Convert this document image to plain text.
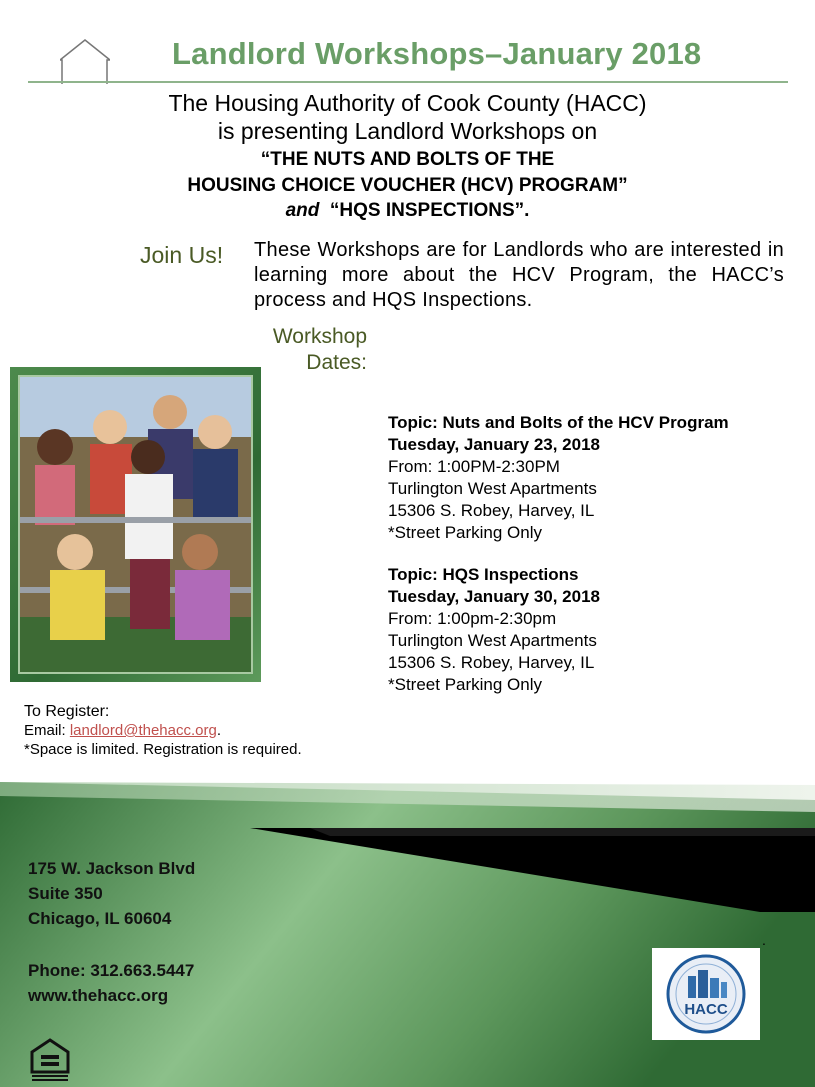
Landlord Workshops–January 2018
The Housing Authority of Cook County (HACC)
is presenting Landlord Workshops on
“THE NUTS AND BOLTS OF THE
HOUSING CHOICE VOUCHER (HCV) PROGRAM”
and “HQS INSPECTIONS”.
Join Us! These Workshops are for Landlords who are interested in learning more about the HCV Program, the HACC’s process and HQS Inspections.
Workshop
Dates:
Topic: Nuts and Bolts of the HCV Program
Tuesday, January 23, 2018
From: 1:00PM-2:30PM
Turlington West Apartments
15306 S. Robey, Harvey, IL
*Street Parking Only
Topic: HQS Inspections
Tuesday, January 30, 2018
From: 1:00pm-2:30pm
Turlington West Apartments
15306 S. Robey, Harvey, IL
*Street Parking Only
To Register:
Email: landlord@thehacc.org.
*Space is limited. Registration is required.
175 W. Jackson Blvd
Suite 350
Chicago, IL 60604
Phone: 312.663.5447
www.thehacc.org
.
HACC
